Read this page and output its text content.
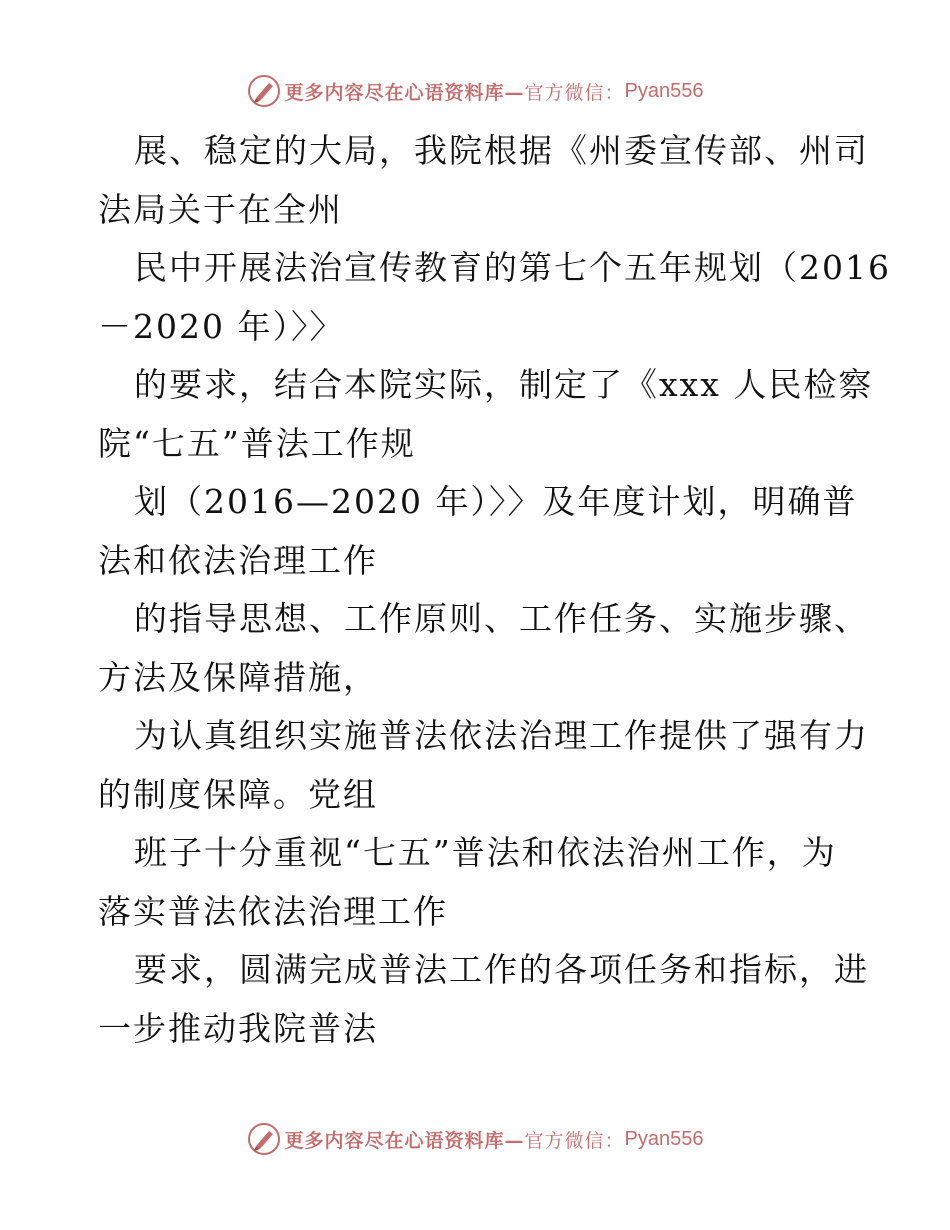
更多内容尽在心语资料库— 官方微信： Pyan556
展、稳定的大局，我院根据《州委宣传部、州司
法局关于在全州
民中开展法治宣传教育的第七个五年规划（2016
－2020 年）〉〉
的要求，结合本院实际，制定了《xxx 人民检察
院“七五”普法工作规
划（2016—2020 年）〉〉及年度计划，明确普
法和依法治理工作
的指导思想、工作原则、工作任务、实施步骤、
方法及保障措施，
为认真组织实施普法依法治理工作提供了强有力
的制度保障。党组
班子十分重视“七五”普法和依法治州工作，为
落实普法依法治理工作
要求，圆满完成普法工作的各项任务和指标，进
一步推动我院普法
更多内容尽在心语资料库— 官方微信： Pyan556
